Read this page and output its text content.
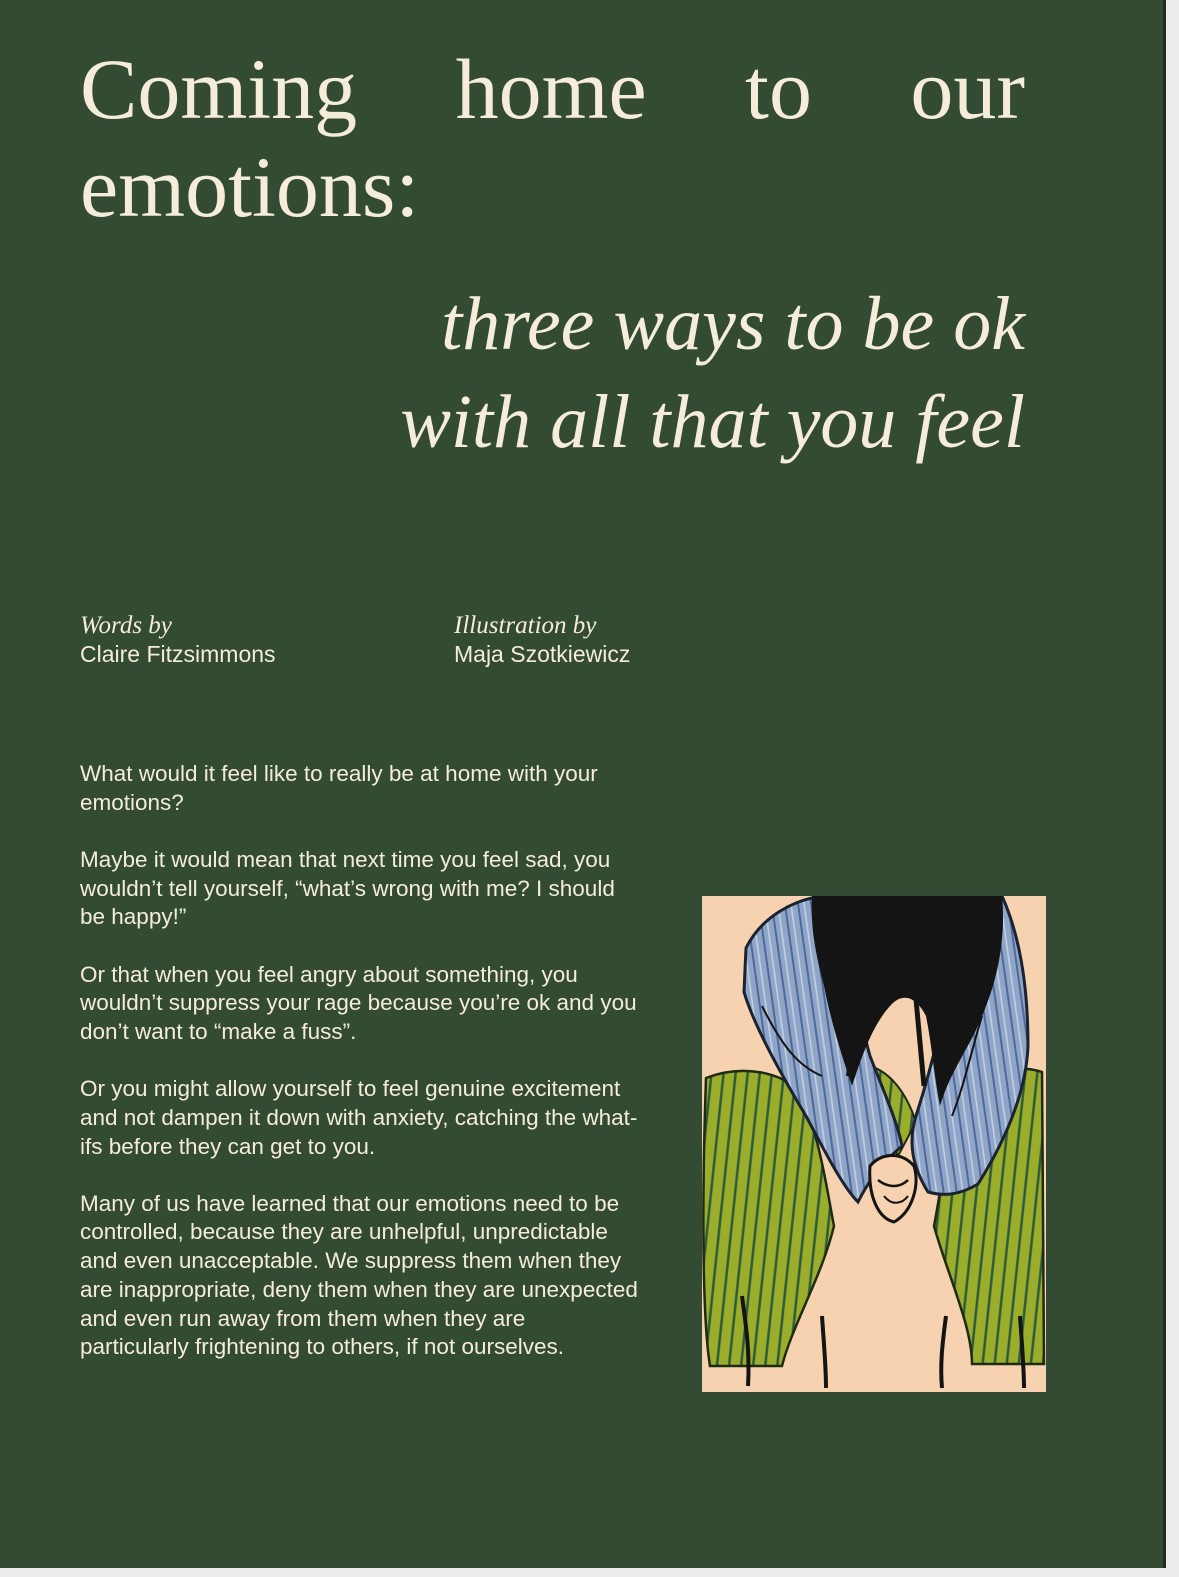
Coming home to our
emotions:
three ways to be ok
with all that you feel
Words by
Claire Fitzsimmons
Illustration by
Maja Szotkiewicz

What would it feel like to really be at home with your emotions?

Maybe it would mean that next time you feel sad, you wouldn’t tell yourself, “what’s wrong with me? I should be happy!”

Or that when you feel angry about something, you wouldn’t suppress your rage because you’re ok and you don’t want to “make a fuss”.

Or you might allow yourself to feel genuine excitement and not dampen it down with anxiety, catching the what-ifs before they can get to you.

Many of us have learned that our emotions need to be controlled, because they are unhelpful, unpredictable and even unacceptable. We suppress them when they are inappropriate, deny them when they are unexpected and even run away from them when they are particularly frightening to others, if not ourselves.
